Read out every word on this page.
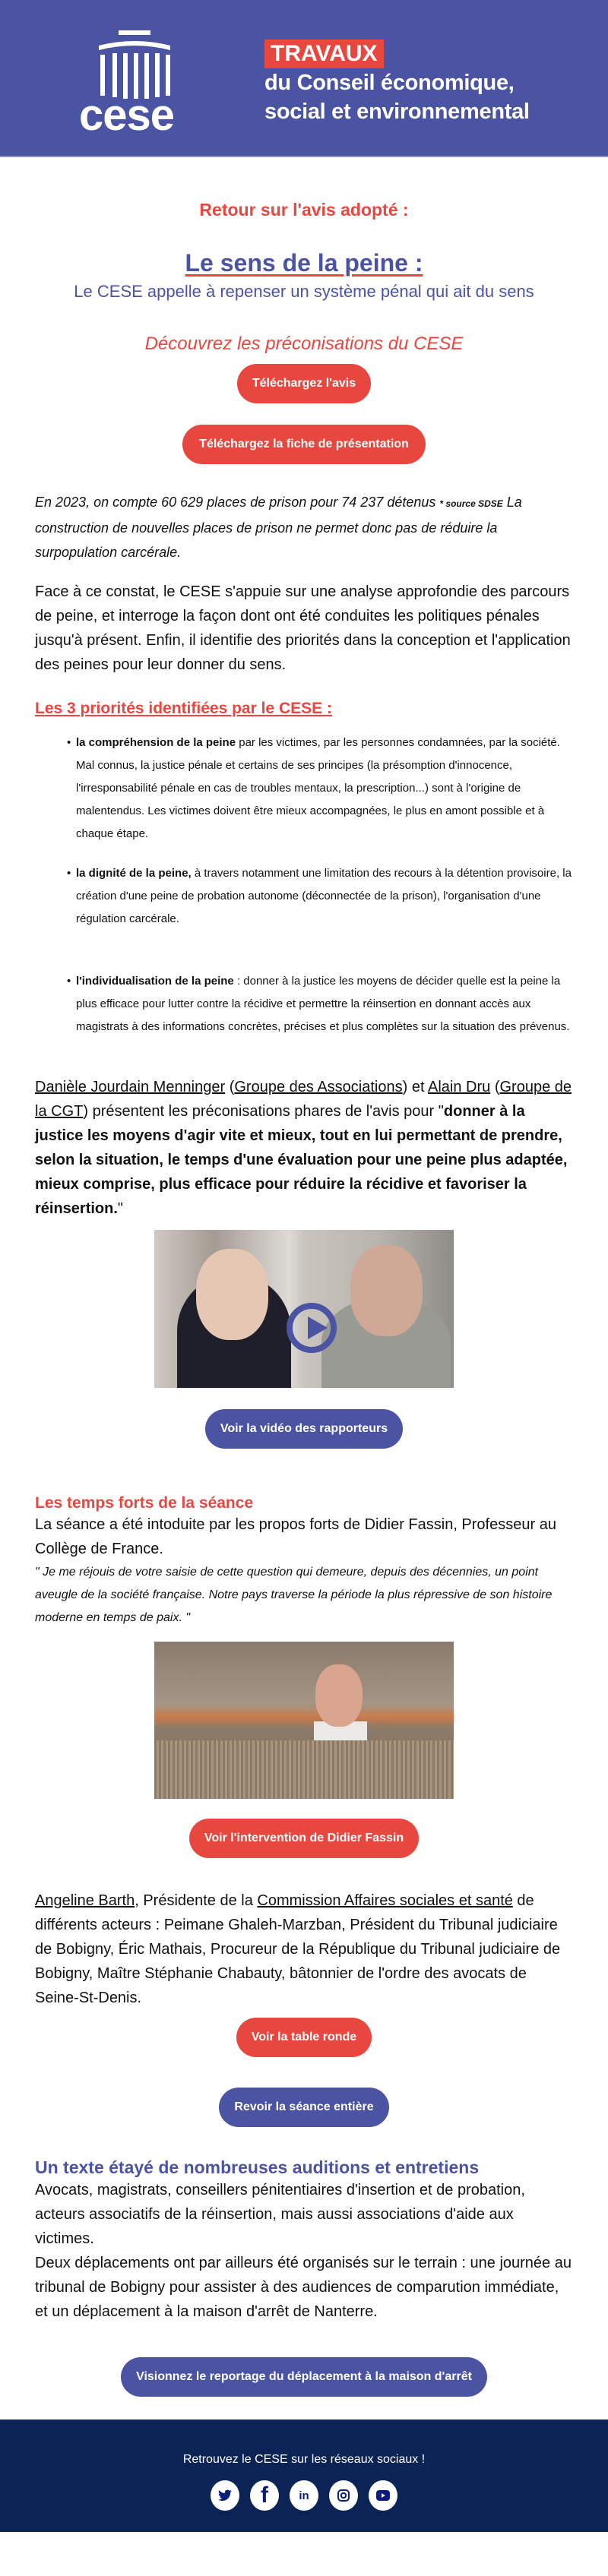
cese
TRAVAUX
du Conseil économique,
social et environnemental
Retour sur l'avis adopté :
Le sens de la peine :
Le CESE appelle à repenser un système pénal qui ait du sens
Découvrez les préconisations du CESE
Téléchargez l'avis
Téléchargez la fiche de présentation

En 2023, on compte 60 629 places de prison pour 74 237 détenus * source SDSE La construction de nouvelles places de prison ne permet donc pas de réduire la surpopulation carcérale.

Face à ce constat, le CESE s'appuie sur une analyse approfondie des parcours de peine, et interroge la façon dont ont été conduites les politiques pénales jusqu'à présent. Enfin, il identifie des priorités dans la conception et l'application des peines pour leur donner du sens.

Les 3 priorités identifiées par le CESE :
• la compréhension de la peine par les victimes, par les personnes condamnées, par la société. Mal connus, la justice pénale et certains de ses principes (la présomption d'innocence, l'irresponsabilité pénale en cas de troubles mentaux, la prescription...) sont à l'origine de malentendus. Les victimes doivent être mieux accompagnées, le plus en amont possible et à chaque étape.
• la dignité de la peine, à travers notamment une limitation des recours à la détention provisoire, la création d'une peine de probation autonome (déconnectée de la prison), l'organisation d'une régulation carcérale.
• l'individualisation de la peine : donner à la justice les moyens de décider quelle est la peine la plus efficace pour lutter contre la récidive et permettre la réinsertion en donnant accès aux magistrats à des informations concrètes, précises et plus complètes sur la situation des prévenus.

Danièle Jourdain Menninger (Groupe des Associations) et Alain Dru (Groupe de la CGT) présentent les préconisations phares de l'avis pour "donner à la justice les moyens d'agir vite et mieux, tout en lui permettant de prendre, selon la situation, le temps d'une évaluation pour une peine plus adaptée, mieux comprise, plus efficace pour réduire la récidive et favoriser la réinsertion."

Voir la vidéo des rapporteurs
Les temps forts de la séance

La séance a été intoduite par les propos forts de Didier Fassin, Professeur au Collège de France.

" Je me réjouis de votre saisie de cette question qui demeure, depuis des décennies, un point aveugle de la société française. Notre pays traverse la période la plus répressive de son histoire moderne en temps de paix. "

Voir l'intervention de Didier Fassin

Angeline Barth, Présidente de la Commission Affaires sociales et santé de différents acteurs : Peimane Ghaleh-Marzban, Président du Tribunal judiciaire de Bobigny, Éric Mathais, Procureur de la République du Tribunal judiciaire de Bobigny, Maître Stéphanie Chabauty, bâtonnier de l'ordre des avocats de Seine-St-Denis.

Voir la table ronde
Revoir la séance entière
Un texte étayé de nombreuses auditions et entretiens

Avocats, magistrats, conseillers pénitentiaires d'insertion et de probation, acteurs associatifs de la réinsertion, mais aussi associations d'aide aux victimes.

Deux déplacements ont par ailleurs été organisés sur le terrain : une journée au tribunal de Bobigny pour assister à des audiences de comparution immédiate, et un déplacement à la maison d'arrêt de Nanterre.

Visionnez le reportage du déplacement à la maison d'arrêt
Retrouvez le CESE sur les réseaux sociaux !
f	in
